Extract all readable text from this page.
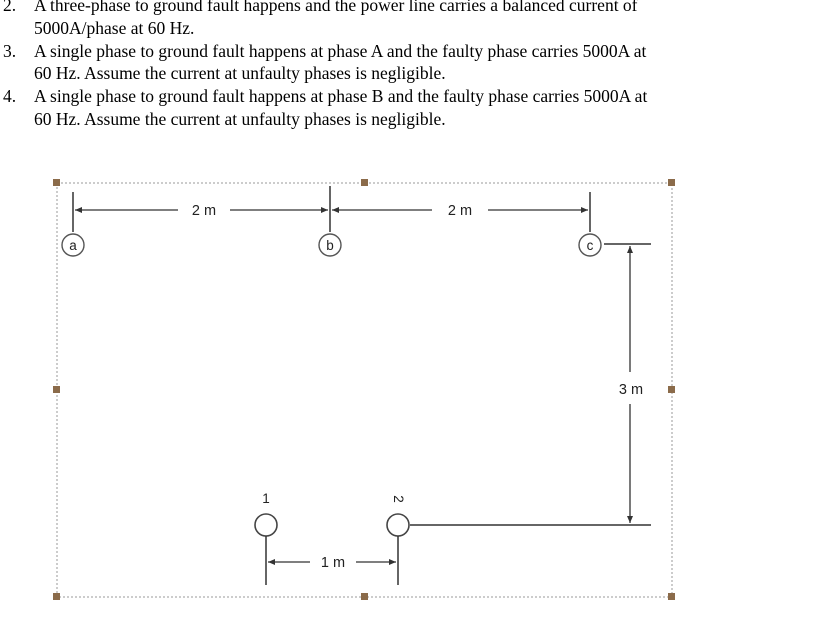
2. A three-phase to ground fault happens and the power line carries a balanced current of
5000A/phase at 60 Hz.
3. A single phase to ground fault happens at phase A and the faulty phase carries 5000A at
60 Hz. Assume the current at unfaulty phases is negligible.
4. A single phase to ground fault happens at phase B and the faulty phase carries 5000A at
60 Hz. Assume the current at unfaulty phases is negligible.
2 m	2 m
a	b	c
3 m
1	2
1 m
